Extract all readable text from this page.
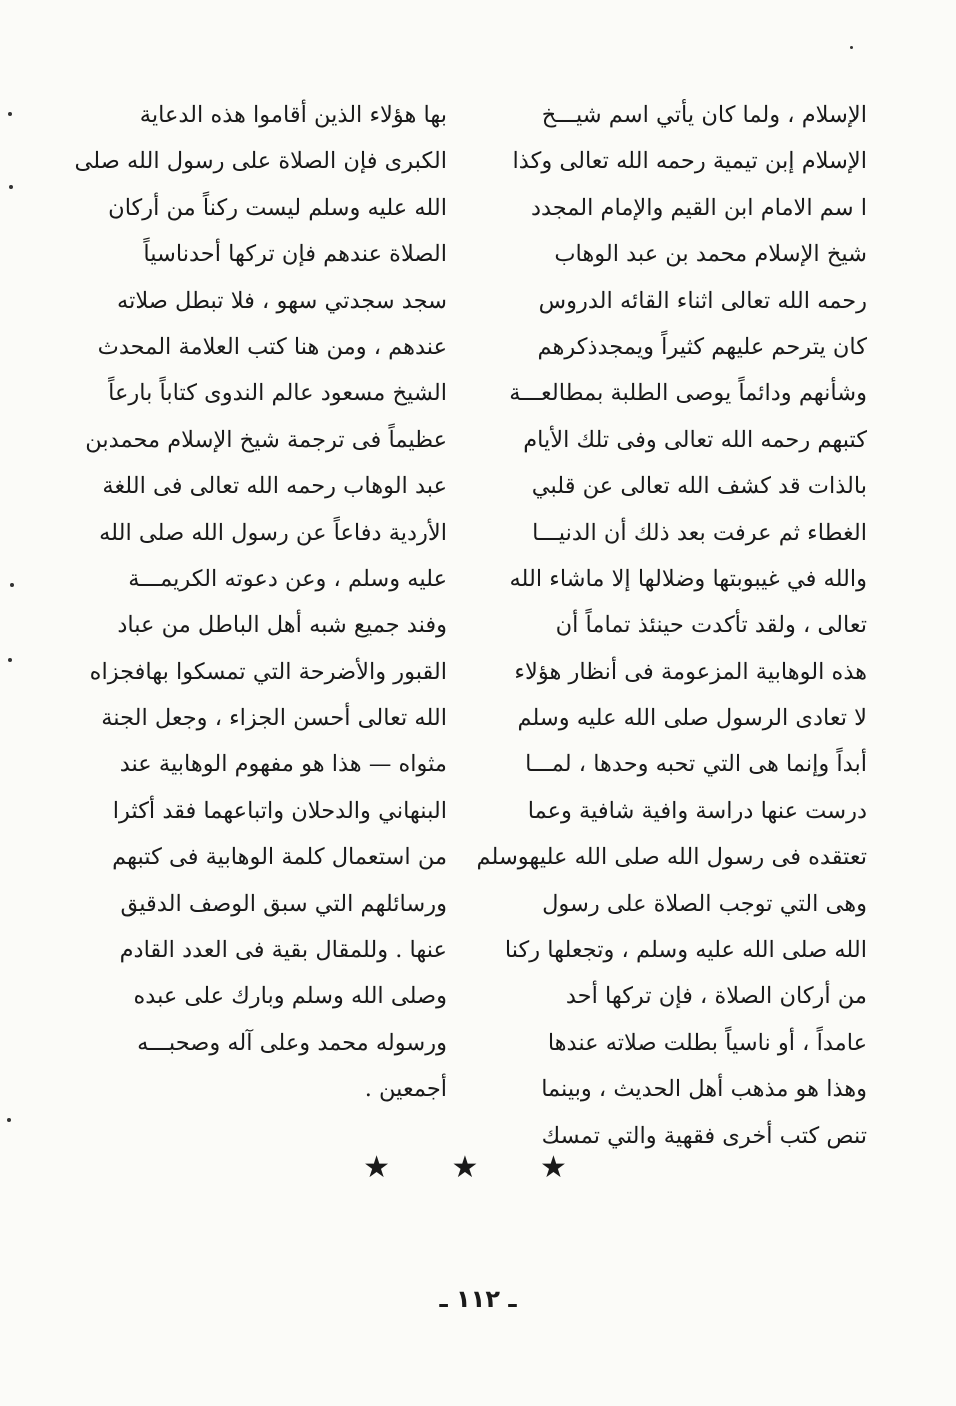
الإسلام ، ولما كان يأتي اسم شيـــخ
الإسلام إبن تيمية رحمه الله تعالى وكذا
ا سم الامام ابن القيم والإمام المجدد
شيخ الإسلام محمد بن عبد الوهاب
رحمه الله تعالى اثناء القائه الدروس
كان يترحم عليهم كثيراً ويمجدذكرهم
وشأنهم ودائماً يوصى الطلبة بمطالعـــة
كتبهم رحمه الله تعالى وفى تلك الأيام
بالذات قد كشف الله تعالى عن قلبي
الغطاء ثم عرفت بعد ذلك أن الدنيـــا
والله في غيبوبتها وضلالها إلا ماشاء الله
تعالى ، ولقد تأكدت حينئذ تماماً أن
هذه الوهابية المزعومة فى أنظار هؤلاء
لا تعادى الرسول صلى الله عليه وسلم
أبداً وإنما هى التي تحبه وحدها ، لمـــا
درست عنها دراسة وافية شافية وعما
تعتقده فى رسول الله صلى الله عليهوسلم
وهى التي توجب الصلاة على رسول
الله صلى الله عليه وسلم ، وتجعلها ركنا
من أركان الصلاة ، فإن تركها أحد
عامداً ، أو ناسياً بطلت صلاته عندها
وهذا هو مذهب أهل الحديث ، وبينما
تنص كتب أخرى فقهية والتي تمسك
بها هؤلاء الذين أقاموا هذه الدعاية
الكبرى فإن الصلاة على رسول الله صلى
الله عليه وسلم ليست ركناً من أركان
الصلاة عندهم فإن تركها أحدناسياً
سجد سجدتي سهو ، فلا تبطل صلاته
عندهم ، ومن هنا كتب العلامة المحدث
الشيخ مسعود عالم الندوى كتاباً بارعاً
عظيماً فى ترجمة شيخ الإسلام محمدبن
عبد الوهاب رحمه الله تعالى فى اللغة
الأردية دفاعاً عن رسول الله صلى الله
عليه وسلم ، وعن دعوته الكريمـــة
وفند جميع شبه أهل الباطل من عباد
القبور والأضرحة التي تمسكوا بهافجزاه
الله تعالى أحسن الجزاء ، وجعل الجنة
مثواه — هذا هو مفهوم الوهابية عند
البنهاني والدحلان واتباعهما فقد أكثرا
من استعمال كلمة الوهابية فى كتبهم
ورسائلهم التي سبق الوصف الدقيق
عنها . وللمقال بقية فى العدد القادم
وصلى الله وسلم وبارك على عبده
ورسوله محمد وعلى آله وصحبـــه
أجمعين .
★ ★ ★
ـ ١١٢ ـ
